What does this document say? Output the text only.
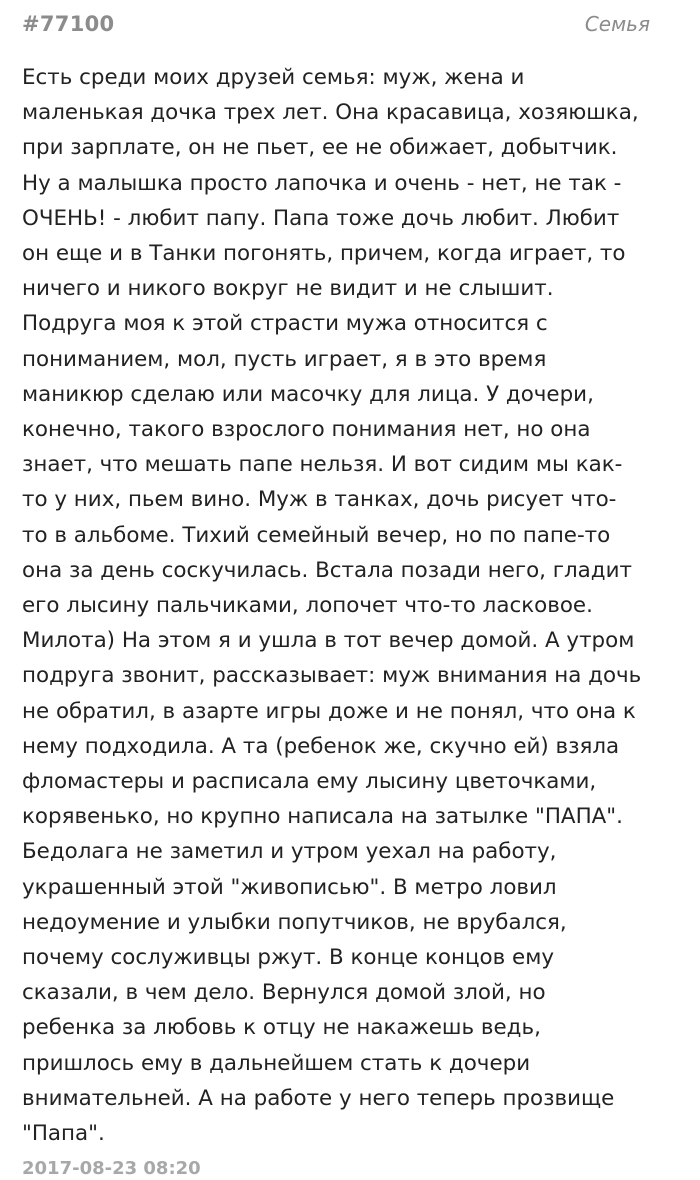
#77100	Семья
Есть среди моих друзей семья: муж, жена и
маленькая дочка трех лет. Она красавица, хозяюшка,
при зарплате, он не пьет, ее не обижает, добытчик.
Ну а малышка просто лапочка и очень - нет, не так -
ОЧЕНЬ! - любит папу. Папа тоже дочь любит. Любит
он еще и в Танки погонять, причем, когда играет, то
ничего и никого вокруг не видит и не слышит.
Подруга моя к этой страсти мужа относится с
пониманием, мол, пусть играет, я в это время
маникюр сделаю или масочку для лица. У дочери,
конечно, такого взрослого понимания нет, но она
знает, что мешать папе нельзя. И вот сидим мы как-
то у них, пьем вино. Муж в танках, дочь рисует что-
то в альбоме. Тихий семейный вечер, но по папе-то
она за день соскучилась. Встала позади него, гладит
его лысину пальчиками, лопочет что-то ласковое.
Милота) На этом я и ушла в тот вечер домой. А утром
подруга звонит, рассказывает: муж внимания на дочь
не обратил, в азарте игры доже и не понял, что она к
нему подходила. А та (ребенок же, скучно ей) взяла
фломастеры и расписала ему лысину цветочками,
корявенько, но крупно написала на затылке "ПАПА".
Бедолага не заметил и утром уехал на работу,
украшенный этой "живописью". В метро ловил
недоумение и улыбки попутчиков, не врубался,
почему сослуживцы ржут. В конце концов ему
сказали, в чем дело. Вернулся домой злой, но
ребенка за любовь к отцу не накажешь ведь,
пришлось ему в дальнейшем стать к дочери
внимательней. А на работе у него теперь прозвище
"Папа".
2017-08-23 08:20
